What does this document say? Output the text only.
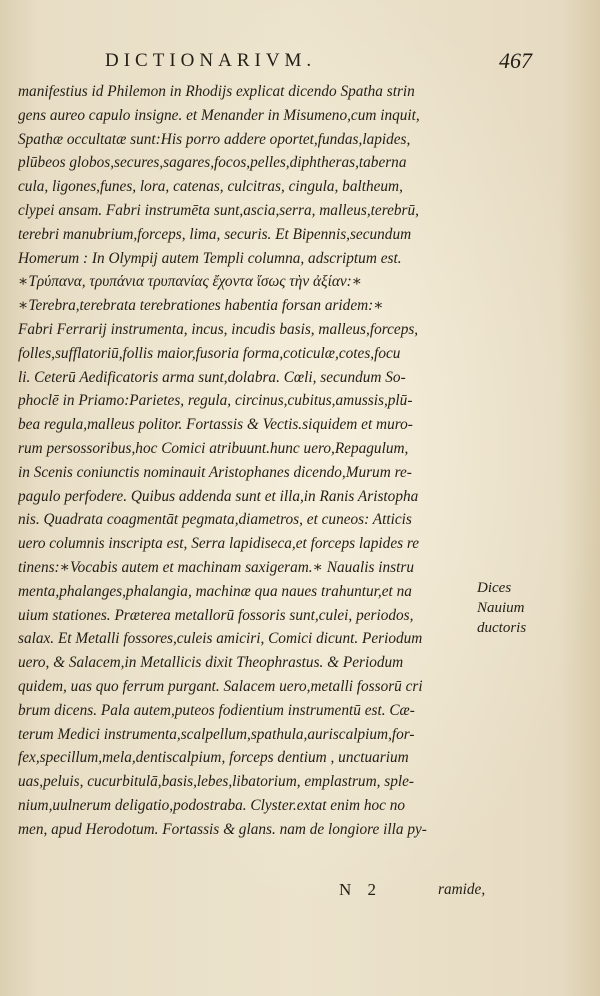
DICTIONARIVM.	467
manifestius id Philemon in Rhodijs explicat dicendo Spatha strin
gens aureo capulo insigne. et Menander in Misumeno,cum inquit,
Spathæ occultatæ sunt:His porro addere oportet,fundas,lapides,
plūbeos globos,secures,sagares,focos,pelles,diphtheras,taberna
cula, ligones,funes, lora, catenas, culcitras, cingula, baltheum,
clypei ansam. Fabri instrumēta sunt,ascia,serra, malleus,terebrū,
terebri manubrium,forceps, lima, securis. Et Bipennis,secundum
Homerum : In Olympij autem Templi columna, adscriptum est.
∗Τρύπανα, τρυπάνια τρυπανίας ἔχοντα ἴσως τὴν ἀξίαν:∗
∗Terebra,terebrata terebrationes habentia forsan aridem:∗
Fabri Ferrarij instrumenta, incus, incudis basis, malleus,forceps,
folles,sufflatoriū,follis maior,fusoria forma,coticulæ,cotes,focu
li. Ceterū Aedificatoris arma sunt,dolabra. Cœli, secundum So-
phoclē in Priamo:Parietes, regula, circinus,cubitus,amussis,plū-
bea regula,malleus politor. Fortassis & Vectis.siquidem et muro-
rum persossoribus,hoc Comici atribuunt.hunc uero,Repagulum,
in Scenis coniunctis nominauit Aristophanes dicendo,Murum re-
pagulo perfodere. Quibus addenda sunt et illa,in Ranis Aristopha
nis. Quadrata coagmentāt pegmata,diametros, et cuneos: Atticis
uero columnis inscripta est, Serra lapidisecа,et forceps lapides re
tinens:∗Vocabis autem et machinam saxigeram.∗ Naualis instru
menta,phalanges,phalangia, machinæ qua naues trahuntur,et na
uium stationes. Præterea metallorū fossoris sunt,culei, periodos,
salax. Et Metalli fossores,culeis amiciri, Comici dicunt. Periodum
uero, & Salacem,in Metallicis dixit Theophrastus. & Periodum
quidem, uas quo ferrum purgant. Salacem uero,metalli fossorū cri
brum dicens. Pala autem,puteos fodientium instrumentū est. Cæ-
terum Medici instrumenta,scalpellum,spathula,auriscalpium,for-
fex,specillum,mela,dentiscalpium, forceps dentium , unctuarium
uas,peluis, cucurbitulā,basis,lebes,libatorium, emplastrum, sple-
nium,uulnerum deligatio,podostraba. Clyster.extat enim hoc no
men, apud Herodotum. Fortassis & glans. nam de longiore illa py-
Dices
Nauium
ductoris
N 2	ramide,
